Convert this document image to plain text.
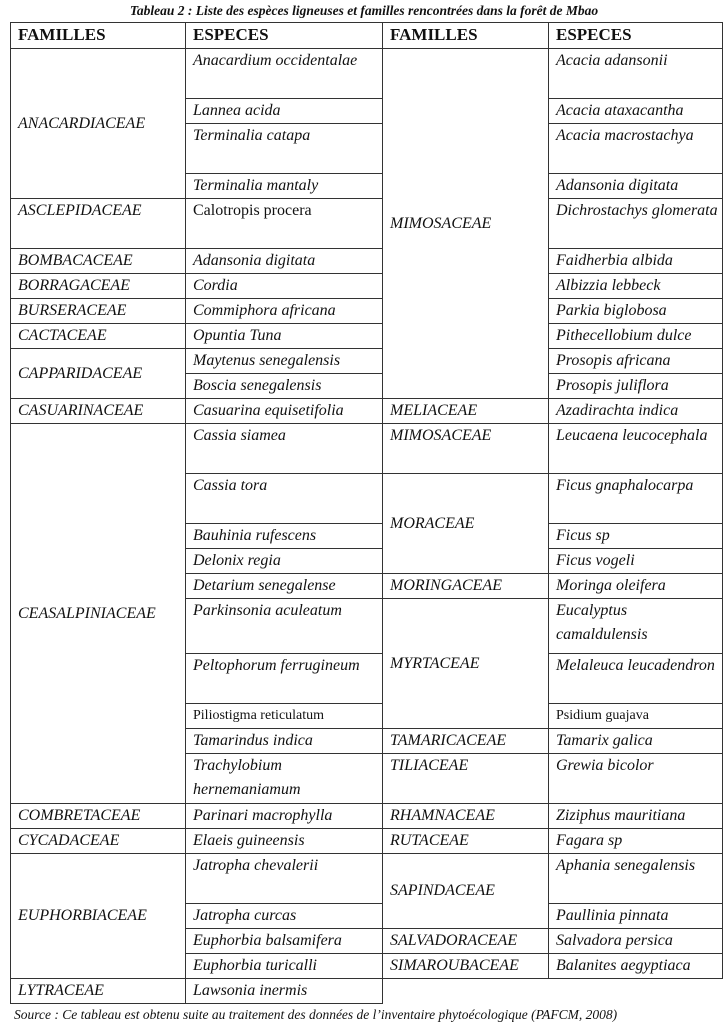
Tableau 2 : Liste des espèces ligneuses et familles rencontrées dans la forêt de Mbao
FAMILLES	ESPECES	FAMILLES	ESPECES
ANACARDIACEAE	Anacardium occidentalae	MIMOSACEAE	Acacia adansonii
	Lannea acida		Acacia ataxacantha
	Terminalia catapa		Acacia macrostachya
	Terminalia mantaly		Adansonia digitata
ASCLEPIDACEAE	Calotropis procera		Dichrostachys glomerata
BOMBACACEAE	Adansonia digitata		Faidherbia albida
BORRAGACEAE	Cordia		Albizzia lebbeck
BURSERACEAE	Commiphora africana		Parkia biglobosa
CACTACEAE	Opuntia Tuna		Pithecellobium dulce
CAPPARIDACEAE	Maytenus senegalensis		Prosopis africana
	Boscia senegalensis		Prosopis juliflora
CASUARINACEAE	Casuarina equisetifolia	MELIACEAE	Azadirachta indica
CEASALPINIACEAE	Cassia siamea	MIMOSACEAE	Leucaena leucocephala
	Cassia tora	MORACEAE	Ficus gnaphalocarpa
	Bauhinia rufescens		Ficus sp
	Delonix regia		Ficus vogeli
	Detarium senegalense	MORINGACEAE	Moringa oleifera
	Parkinsonia aculeatum	MYRTACEAE	Eucalyptus camaldulensis
	Peltophorum ferrugineum		Melaleuca leucadendron
	Piliostigma reticulatum		Psidium guajava
	Tamarindus indica	TAMARICACEAE	Tamarix galica
	Trachylobium hernemaniamum	TILIACEAE	Grewia bicolor
COMBRETACEAE	Parinari macrophylla	RHAMNACEAE	Ziziphus mauritiana
CYCADACEAE	Elaeis guineensis	RUTACEAE	Fagara sp
EUPHORBIACEAE	Jatropha chevalerii	SAPINDACEAE	Aphania senegalensis
	Jatropha curcas		Paullinia pinnata
	Euphorbia balsamifera	SALVADORACEAE	Salvadora persica
	Euphorbia turicalli	SIMAROUBACEAE	Balanites aegyptiaca
LYTRACEAE	Lawsonia inermis		
Source : Ce tableau est obtenu suite au traitement des données de l’inventaire phytoécologique (PAFCM, 2008)
